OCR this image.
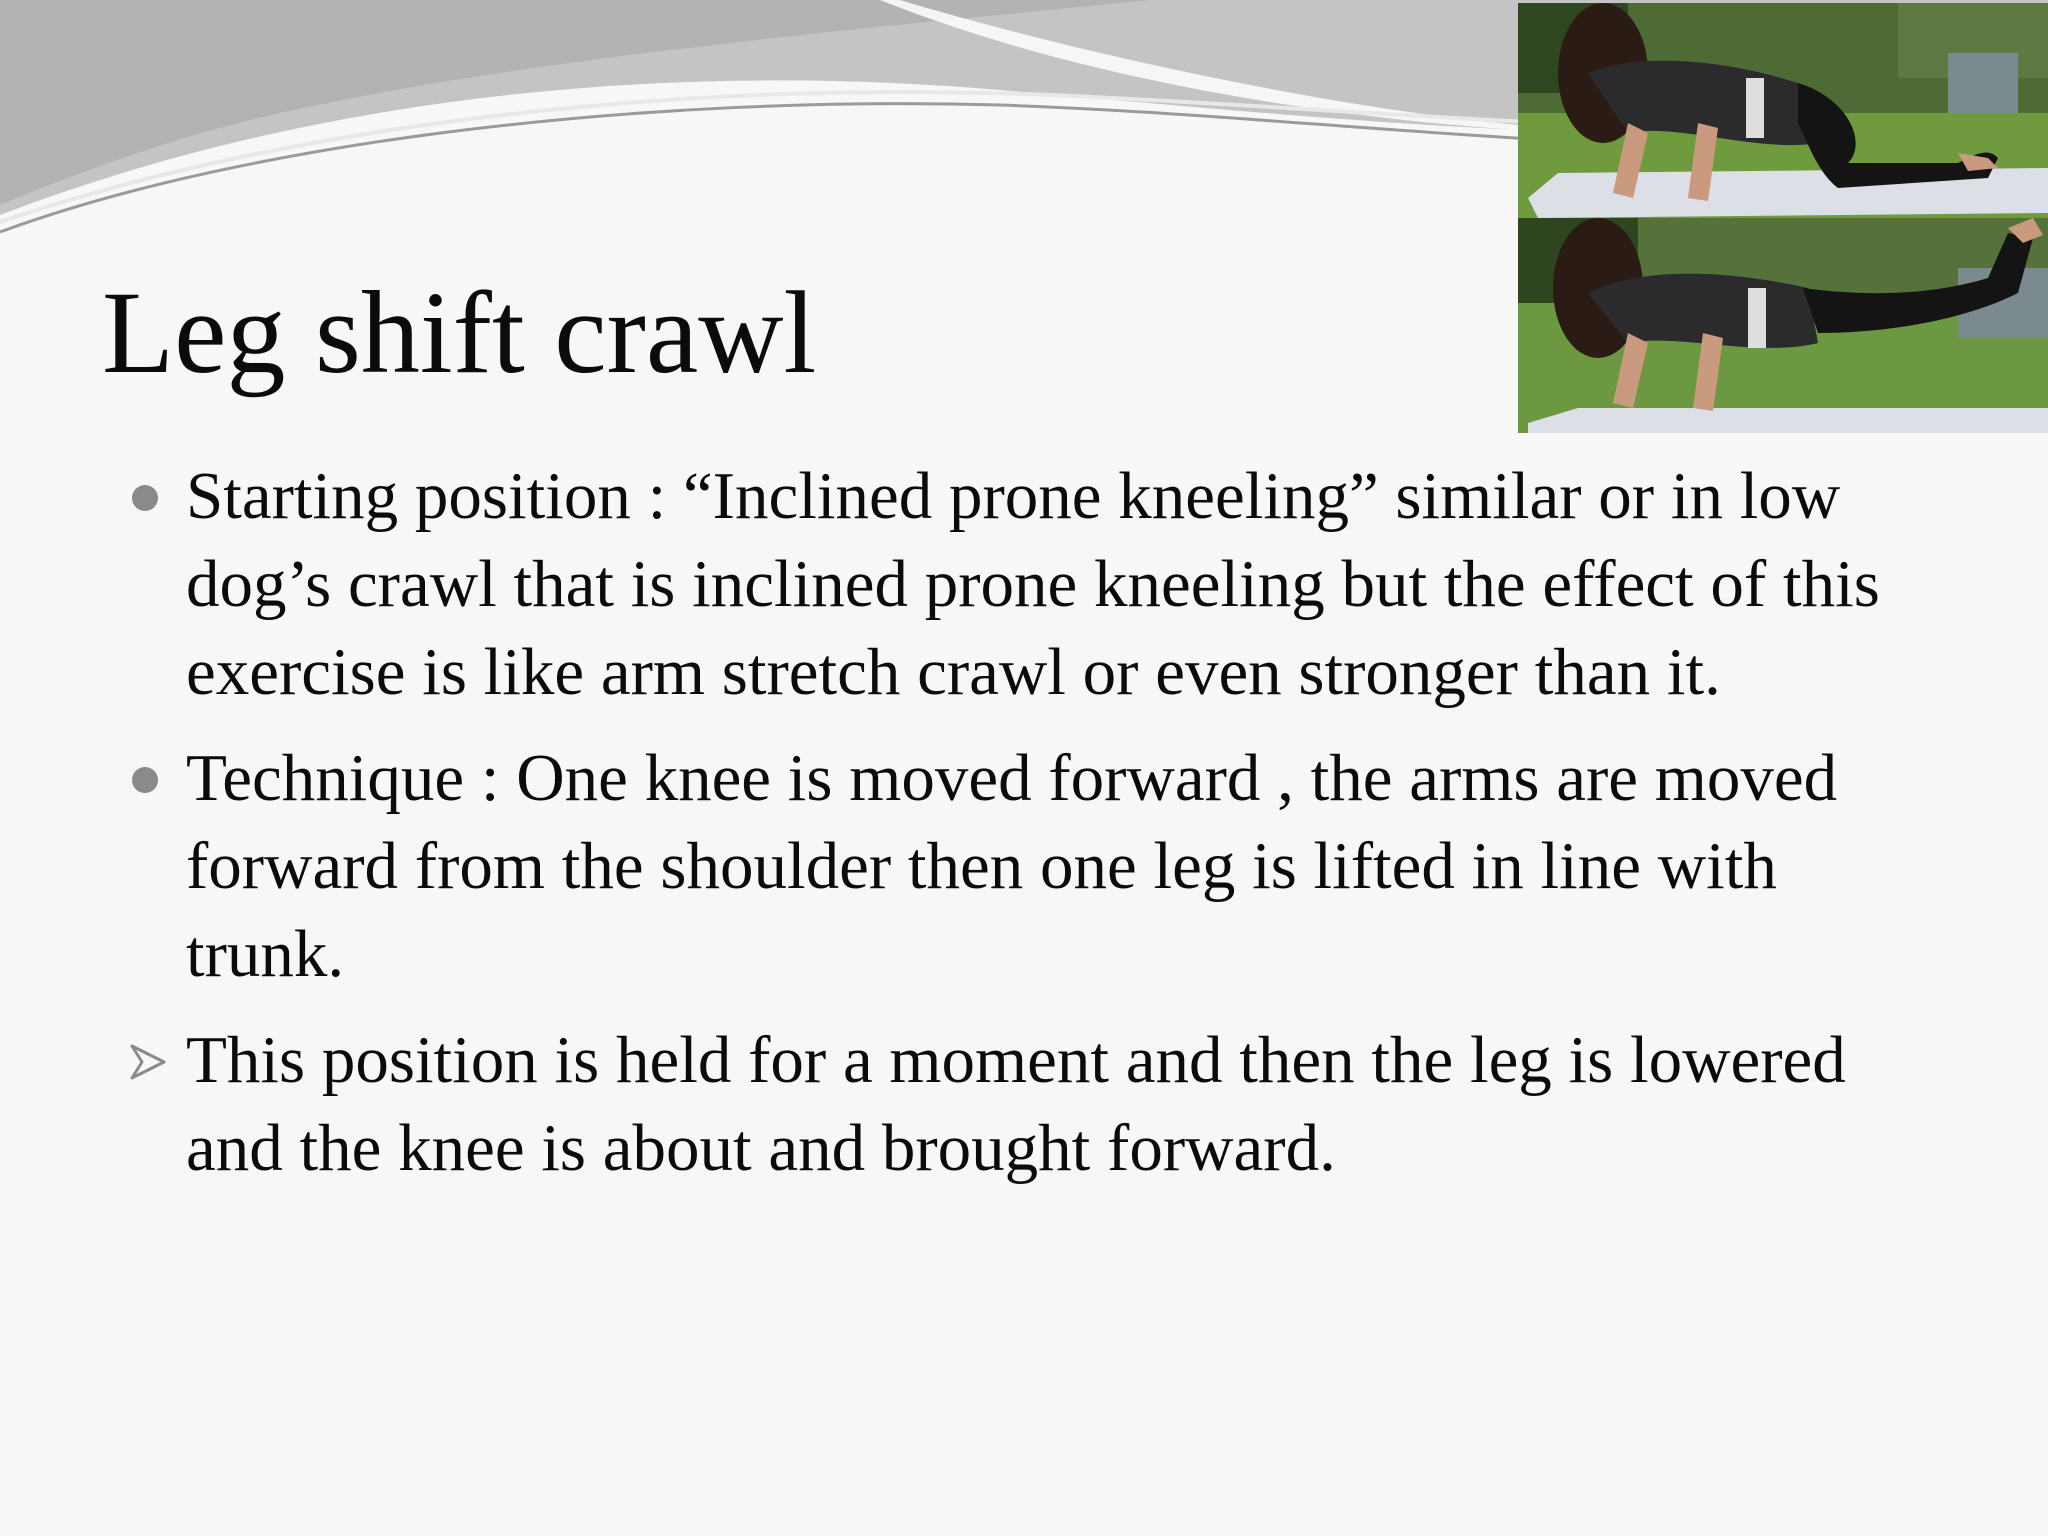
Leg shift crawl
Starting position : “Inclined prone kneeling” similar or in low dog’s crawl that is inclined prone kneeling but the effect of this exercise is like arm stretch crawl or even stronger than it.
Technique : One knee is moved forward , the arms are moved forward from the shoulder then one leg is lifted in line with trunk.
This position is held for a moment and then the leg is lowered and the knee is about and brought forward.
